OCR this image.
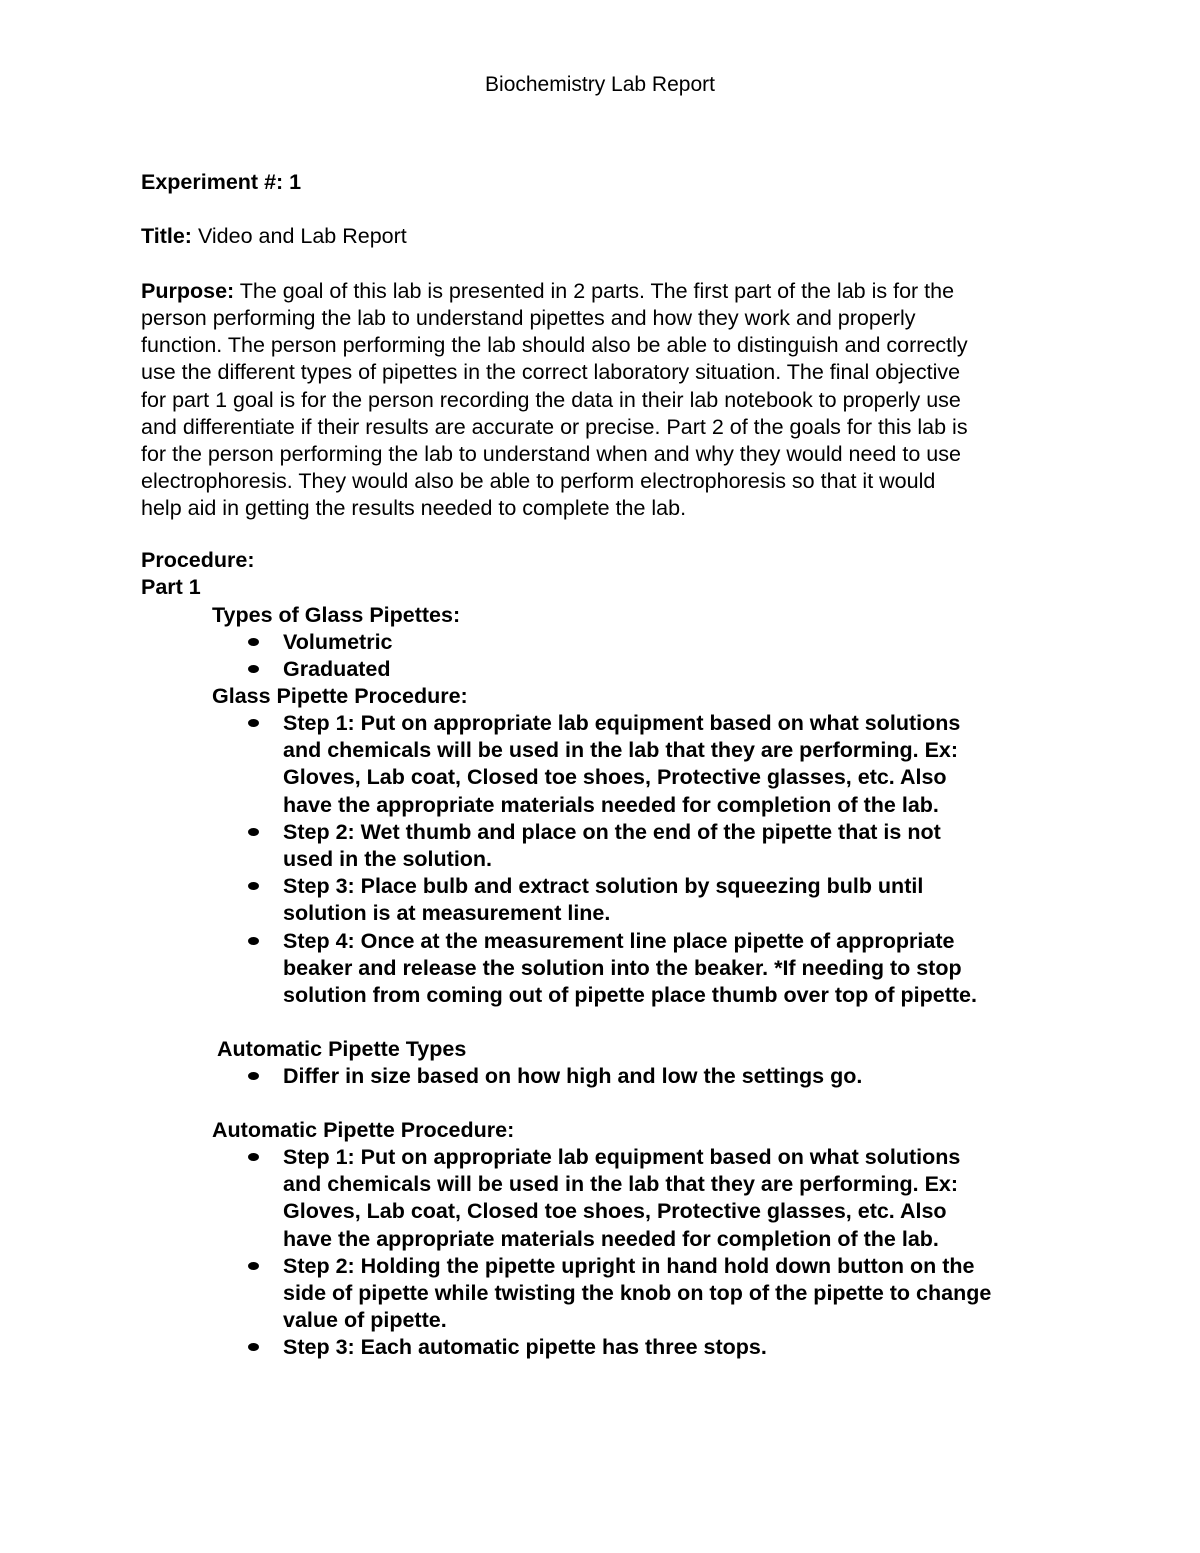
Biochemistry Lab Report
Experiment #: 1
Title: Video and Lab Report
Purpose: The goal of this lab is presented in 2 parts. The first part of the lab is for the
person performing the lab to understand pipettes and how they work and properly
function. The person performing the lab should also be able to distinguish and correctly
use the different types of pipettes in the correct laboratory situation. The final objective
for part 1 goal is for the person recording the data in their lab notebook to properly use
and differentiate if their results are accurate or precise. Part 2 of the goals for this lab is
for the person performing the lab to understand when and why they would need to use
electrophoresis. They would also be able to perform electrophoresis so that it would
help aid in getting the results needed to complete the lab.
Procedure:
Part 1
Types of Glass Pipettes:
Volumetric
Graduated
Glass Pipette Procedure:
Step 1: Put on appropriate lab equipment based on what solutions
and chemicals will be used in the lab that they are performing. Ex:
Gloves, Lab coat, Closed toe shoes, Protective glasses, etc. Also
have the appropriate materials needed for completion of the lab.
Step 2: Wet thumb and place on the end of the pipette that is not
used in the solution.
Step 3: Place bulb and extract solution by squeezing bulb until
solution is at measurement line.
Step 4: Once at the measurement line place pipette of appropriate
beaker and release the solution into the beaker. *If needing to stop
solution from coming out of pipette place thumb over top of pipette.
Automatic Pipette Types
Differ in size based on how high and low the settings go.
Automatic Pipette Procedure:
Step 1: Put on appropriate lab equipment based on what solutions
and chemicals will be used in the lab that they are performing. Ex:
Gloves, Lab coat, Closed toe shoes, Protective glasses, etc. Also
have the appropriate materials needed for completion of the lab.
Step 2: Holding the pipette upright in hand hold down button on the
side of pipette while twisting the knob on top of the pipette to change
value of pipette.
Step 3: Each automatic pipette has three stops.
